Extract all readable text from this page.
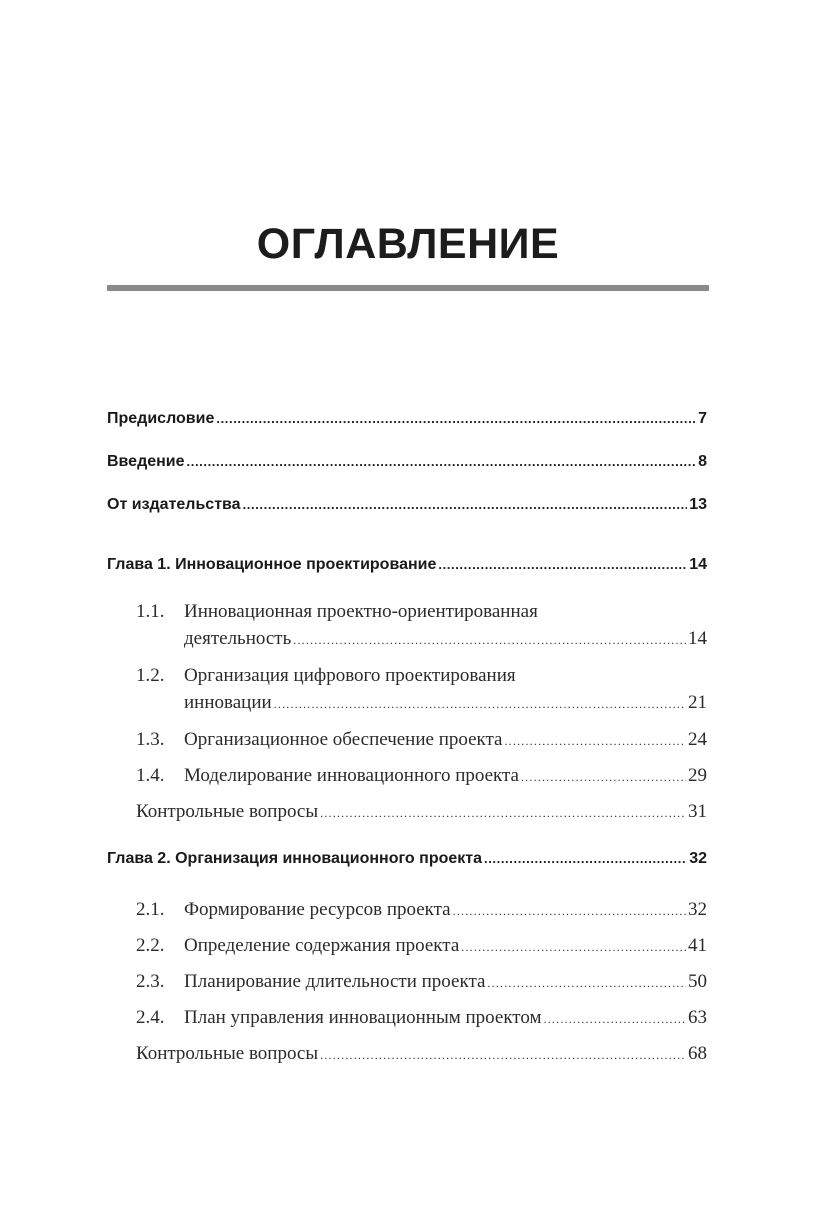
ОГЛАВЛЕНИЕ
Предисловие .....	7
Введение .....	8
От издательства .....	13
Глава 1. Инновационное проектирование .....	14
1.1. Инновационная проектно-ориентированная
деятельность .....	14
1.2. Организация цифрового проектирования
инновации .....	21
1.3.	Организационное обеспечение проекта .....	24
1.4.	Моделирование инновационного проекта .....	29
Контрольные вопросы .....	31
Глава 2. Организация инновационного проекта .....	32
2.1.	Формирование ресурсов проекта .....	32
2.2.	Определение содержания проекта .....	41
2.3.	Планирование длительности проекта .....	50
2.4.	План управления инновационным проектом .....	63
Контрольные вопросы .....	68
